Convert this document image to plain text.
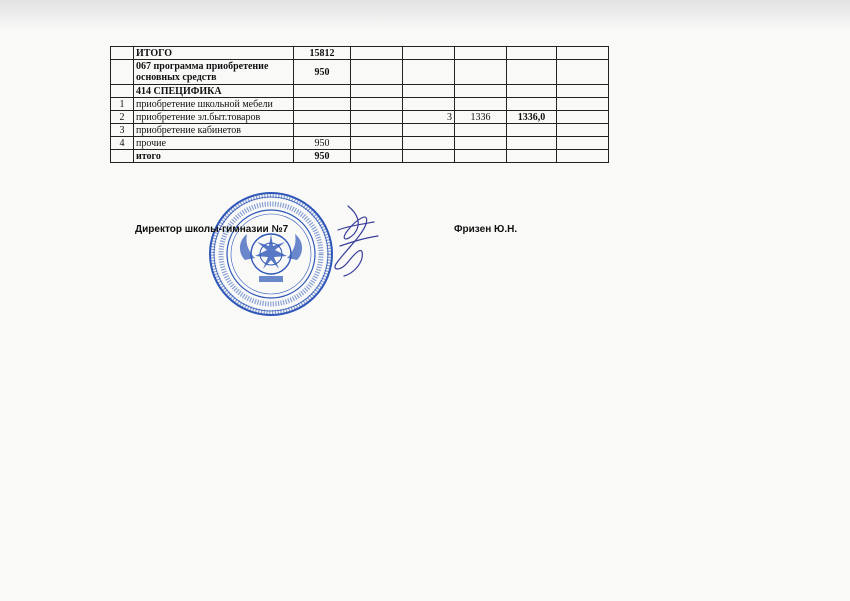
	ИТОГО	15812					
	067 программа приобретение основных средств	950					
	414 СПЕЦИФИКА						
1	приобретение школьной мебели						
2	приобретение эл.быт.товаров			3	1336	1336,0	
3	приобретение кабинетов						
4	прочие	950					
	итого	950					
Директор школы-гимназии №7	Фризен Ю.Н.
